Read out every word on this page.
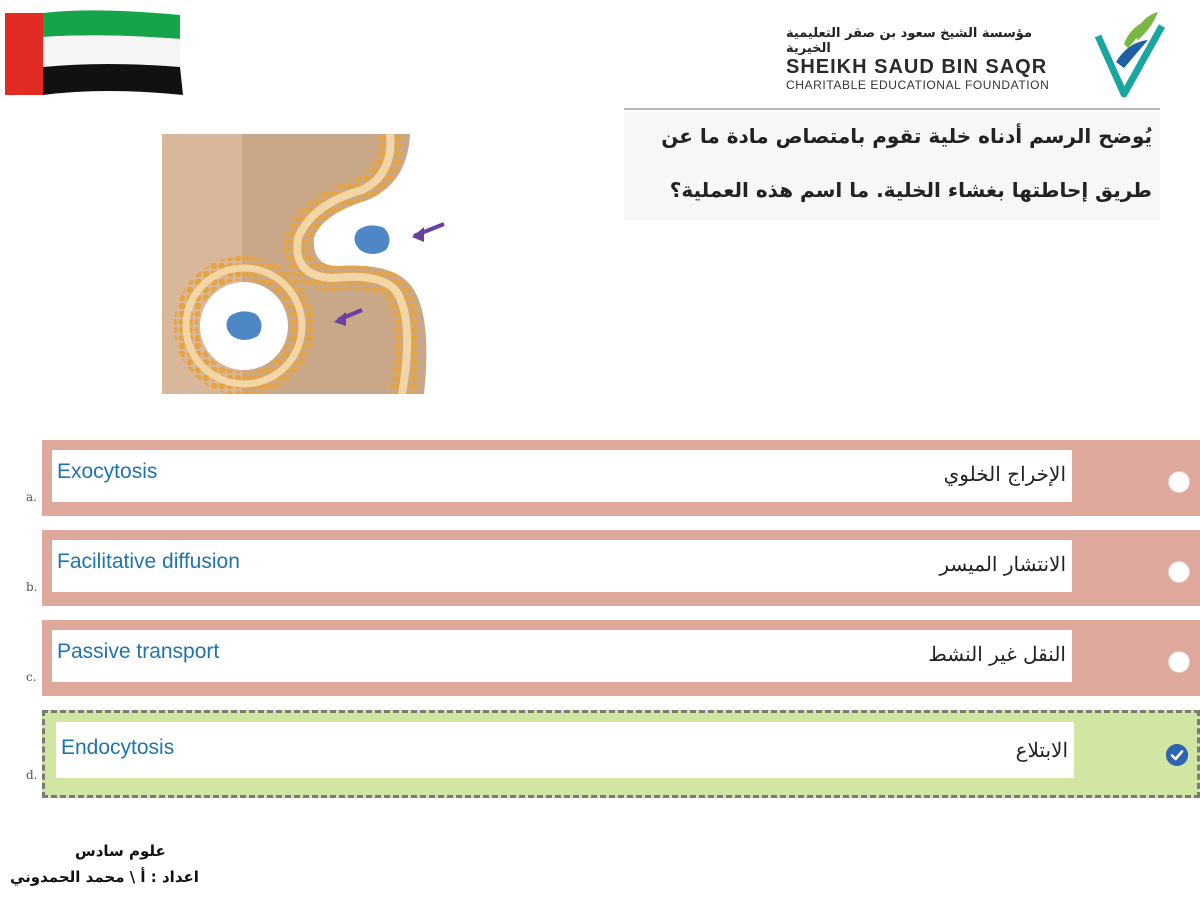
مؤسسة الشيخ سعود بن صقر التعليمية الخيرية
SHEIKH SAUD BIN SAQR
CHARITABLE EDUCATIONAL FOUNDATION
يُوضح الرسم أدناه خلية تقوم بامتصاص مادة ما عن
طريق إحاطتها بغشاء الخلية. ما اسم هذه العملية؟
Exocytosis	الإخراج الخلوي
a.
Facilitative diffusion	الانتشار الميسر
b.
Passive transport	النقل غير النشط
c.
Endocytosis	الابتلاع
d.
علوم سادس
اعداد : أ \ محمد الحمدوني
